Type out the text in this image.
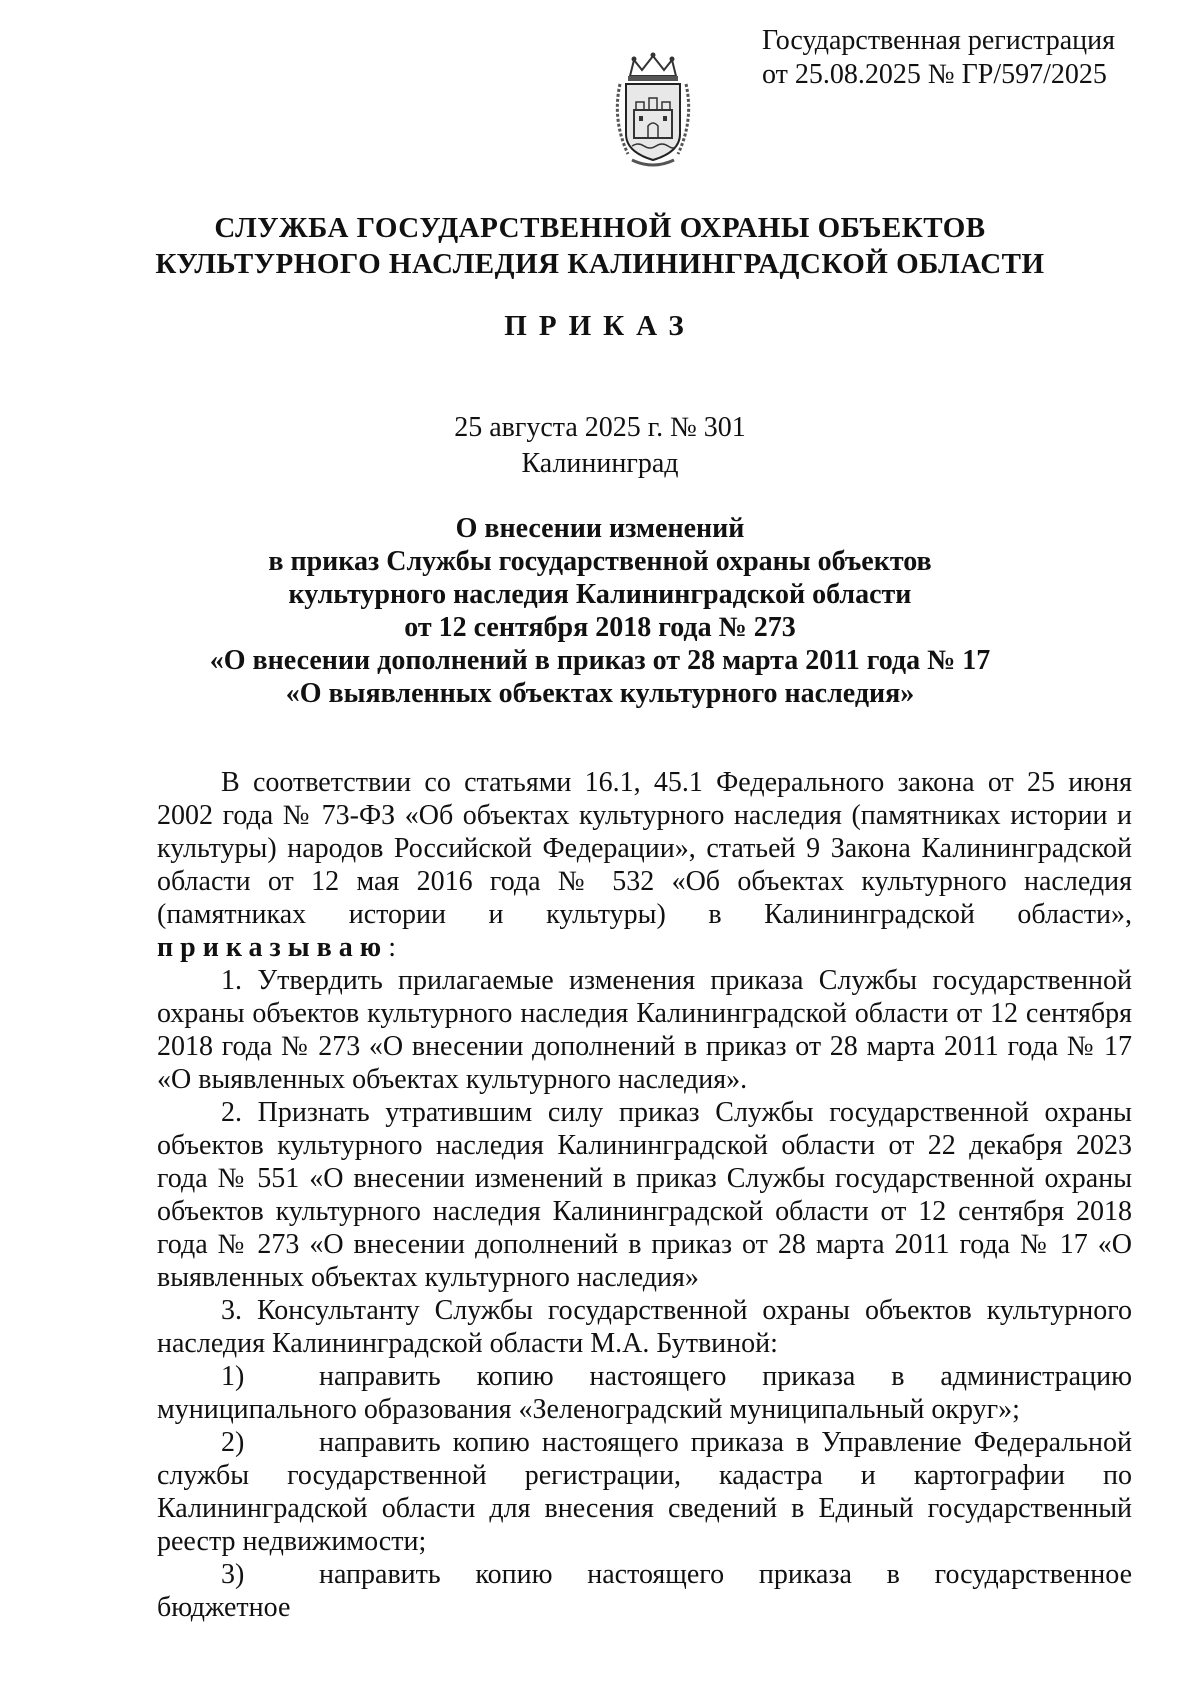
Государственная регистрация
от 25.08.2025 № ГР/597/2025
СЛУЖБА ГОСУДАРСТВЕННОЙ ОХРАНЫ ОБЪЕКТОВ
КУЛЬТУРНОГО НАСЛЕДИЯ КАЛИНИНГРАДСКОЙ ОБЛАСТИ
ПРИКАЗ
25 августа 2025 г. № 301
Калининград
О внесении изменений
в приказ Службы государственной охраны объектов
культурного наследия Калининградской области
от 12 сентября 2018 года № 273
«О внесении дополнений в приказ от 28 марта 2011 года № 17
«О выявленных объектах культурного наследия»

В соответствии со статьями 16.1, 45.1 Федерального закона от 25 июня 2002 года № 73-ФЗ «Об объектах культурного наследия (памятниках истории и культуры) народов Российской Федерации», статьей 9 Закона Калининградской области от 12 мая 2016 года № 532 «Об объектах культурного наследия (памятниках истории и культуры) в Калининградской области», приказываю:

1. Утвердить прилагаемые изменения приказа Службы государственной охраны объектов культурного наследия Калининградской области от 12 сентября 2018 года № 273 «О внесении дополнений в приказ от 28 марта 2011 года № 17 «О выявленных объектах культурного наследия».

2. Признать утратившим силу приказ Службы государственной охраны объектов культурного наследия Калининградской области от 22 декабря 2023 года № 551 «О внесении изменений в приказ Службы государственной охраны объектов культурного наследия Калининградской области от 12 сентября 2018 года № 273 «О внесении дополнений в приказ от 28 марта 2011 года № 17 «О выявленных объектах культурного наследия»

3. Консультанту Службы государственной охраны объектов культурного наследия Калининградской области М.А. Бутвиной:

1)	направить копию настоящего приказа в администрацию муниципального образования «Зеленоградский муниципальный округ»;

2)	направить копию настоящего приказа в Управление Федеральной службы государственной регистрации, кадастра и картографии по Калининградской области для внесения сведений в Единый государственный реестр недвижимости;

3)	направить копию настоящего приказа в государственное бюджетное
